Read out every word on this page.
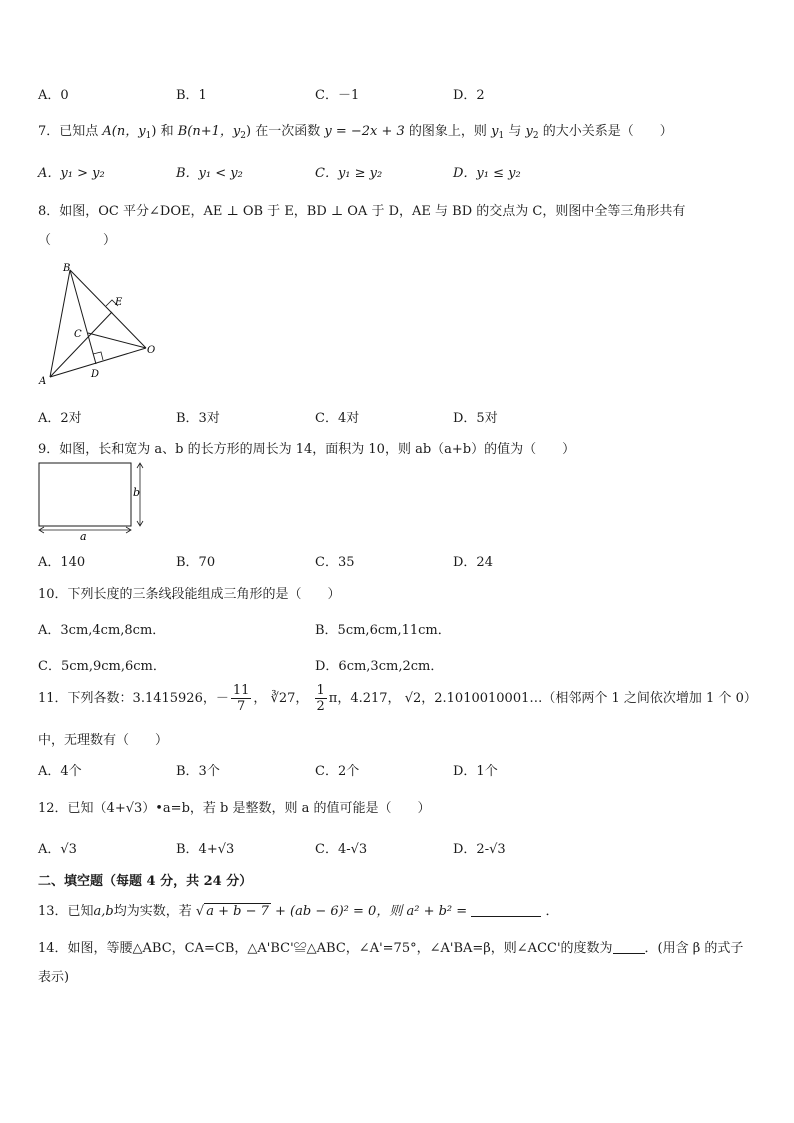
A．0	B．1	C．－1	D．2
7．已知点 A(n，$y_1$) 和 B(n+1，$y_2$) 在一次函数 y = −2x + 3 的图象上，则 $y_1$ 与 $y_2$ 的大小关系是（　　）
A．y₁ > y₂	B．y₁ < y₂	C．y₁ ≥ y₂	D．y₁ ≤ y₂
8．如图，OC 平分∠DOE，AE ⊥ OB 于 E，BD ⊥ OA 于 D，AE 与 BD 的交点为 C，则图中全等三角形共有
（　　　　）
B
E
C
O
A
D
A．2对	B．3对	C．4对	D．5对
9．如图，长和宽为 a、b 的长方形的周长为 14，面积为 10，则 ab（a+b）的值为（　　）
b
a
A．140	B．70	C．35	D．24
10．下列长度的三条线段能组成三角形的是（　　）
A．3cm,4cm,8cm．	B．5cm,6cm,11cm．
C．5cm,9cm,6cm．	D．6cm,3cm,2cm．
11．下列各数：3.1415926，－ $\frac{11}{7}$ ， ∛27， $\frac{1}{2}$ π，4.217， √2，2.1010010001…（相邻两个 1 之间依次增加 1 个 0）
中，无理数有（　　）
A．4个	B．3个	C．2个	D．1个
12．已知（4+√3）•a=b，若 b 是整数，则 a 的值可能是（　　）
A．√3	B．4+√3	C．4-√3	D．2-√3
二、填空题（每题 4 分，共 24 分）
13．已知a,b均为实数，若 √ a + b − 7 + (ab − 6)² = 0，则 a² + b² =	．
14．如图，等腰△ABC，CA=CB，△A'BC'≌△ABC，∠A'=75°，∠A'BA=β，则∠ACC'的度数为 ．(用含 β 的式子
表示)
